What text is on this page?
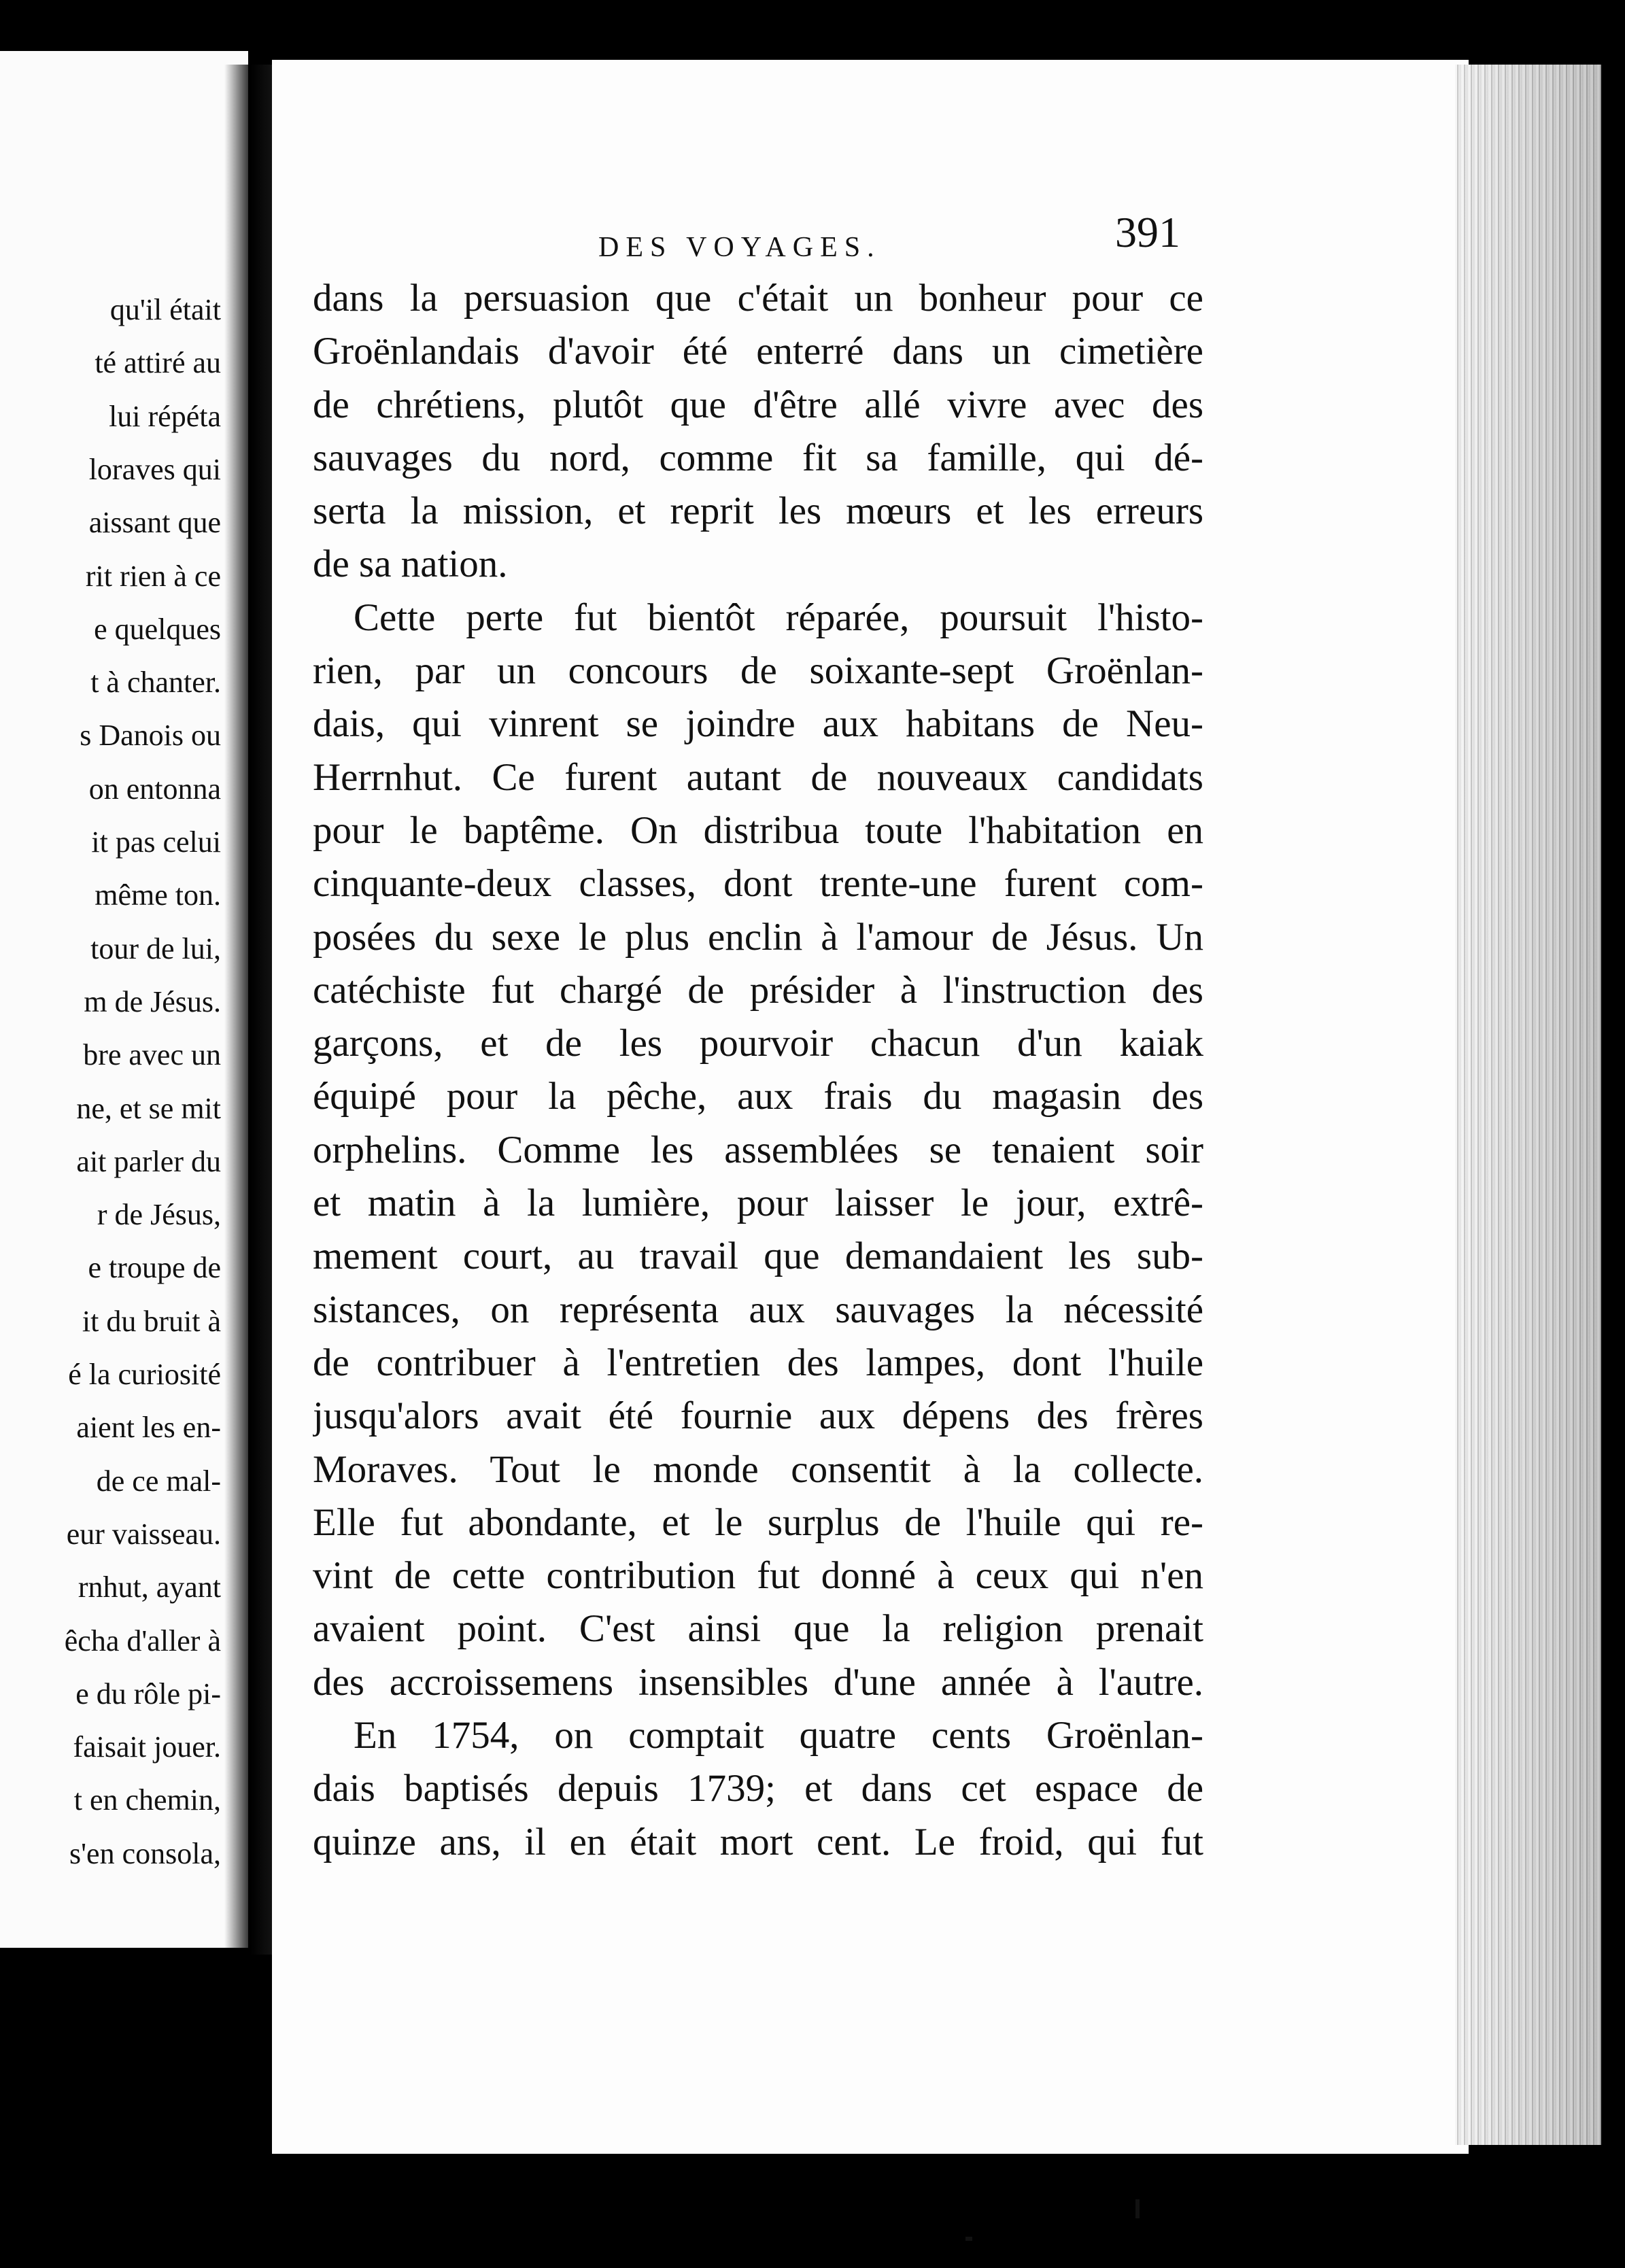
qu'il était
té attiré au
lui répéta
loraves qui
aissant que
rit rien à ce
e quelques
t à chanter.
s Danois ou
on entonna
it pas celui
même ton.
tour de lui,
m de Jésus.
bre avec un
ne, et se mit
ait parler du
r de Jésus,
e troupe de
it du bruit à
é la curiosité
aient les en-
de ce mal-
eur vaisseau.
rnhut, ayant
êcha d'aller à
e du rôle pi-
faisait jouer.
t en chemin,
s'en consola,
DES VOYAGES.	391
dans la persuasion que c'était un bonheur pour ce
Groënlandais d'avoir été enterré dans un cimetière
de chrétiens, plutôt que d'être allé vivre avec des
sauvages du nord, comme fit sa famille, qui dé-
serta la mission, et reprit les mœurs et les erreurs
de sa nation.
Cette perte fut bientôt réparée, poursuit l'histo-
rien, par un concours de soixante-sept Groënlan-
dais, qui vinrent se joindre aux habitans de Neu-
Herrnhut. Ce furent autant de nouveaux candidats
pour le baptême. On distribua toute l'habitation en
cinquante-deux classes, dont trente-une furent com-
posées du sexe le plus enclin à l'amour de Jésus. Un
catéchiste fut chargé de présider à l'instruction des
garçons, et de les pourvoir chacun d'un kaiak
équipé pour la pêche, aux frais du magasin des
orphelins. Comme les assemblées se tenaient soir
et matin à la lumière, pour laisser le jour, extrê-
mement court, au travail que demandaient les sub-
sistances, on représenta aux sauvages la nécessité
de contribuer à l'entretien des lampes, dont l'huile
jusqu'alors avait été fournie aux dépens des frères
Moraves. Tout le monde consentit à la collecte.
Elle fut abondante, et le surplus de l'huile qui re-
vint de cette contribution fut donné à ceux qui n'en
avaient point. C'est ainsi que la religion prenait
des accroissemens insensibles d'une année à l'autre.
En 1754, on comptait quatre cents Groënlan-
dais baptisés depuis 1739; et dans cet espace de
quinze ans, il en était mort cent. Le froid, qui fut
